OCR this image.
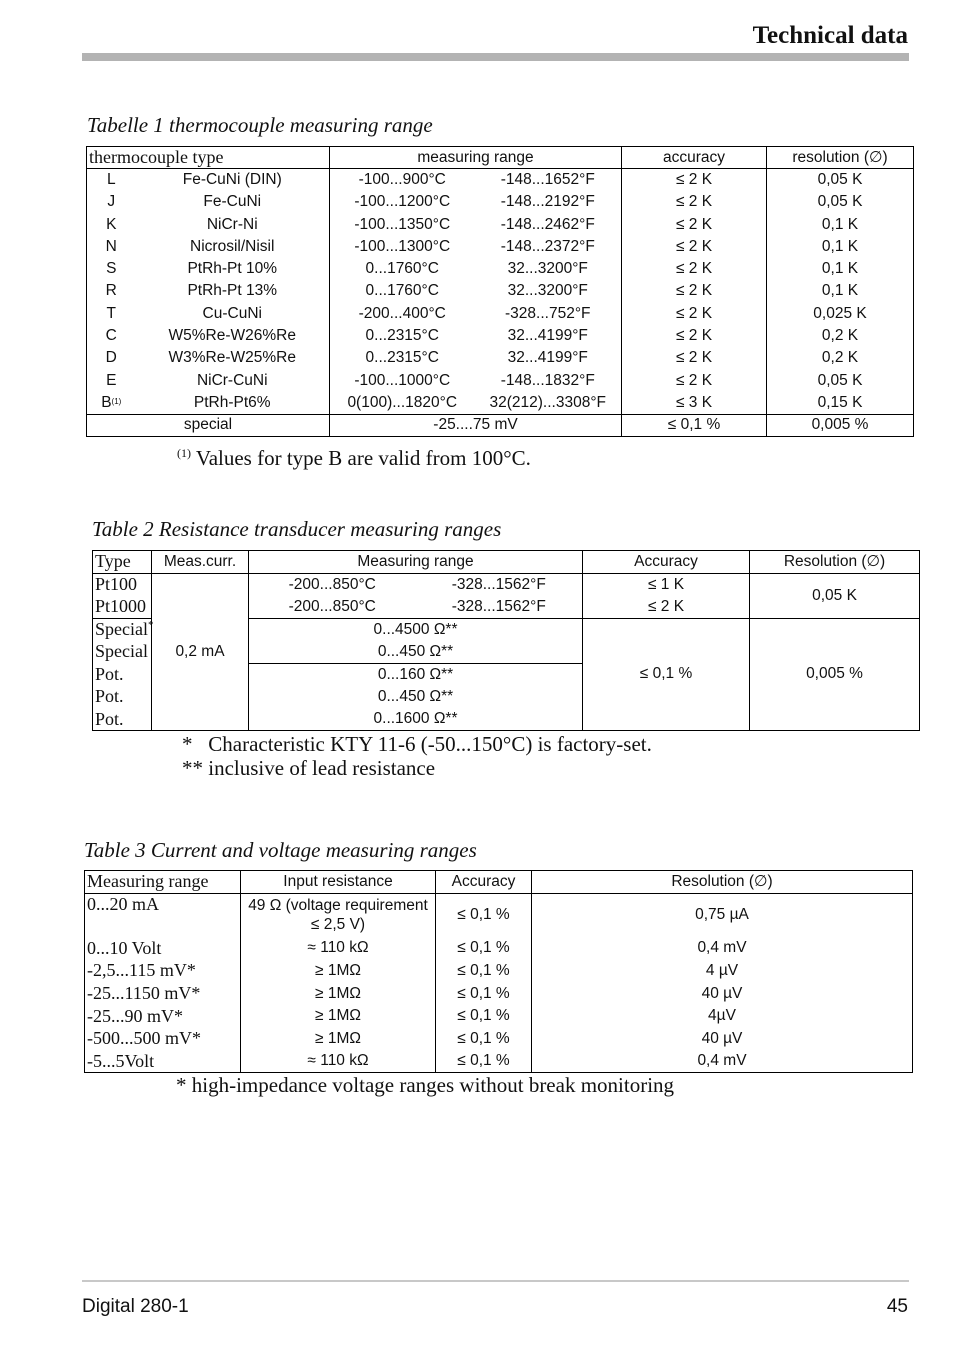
Technical data
Tabelle 1 thermocouple measuring range
thermocouple type		measuring range		accuracy	resolution (∅)
L	Fe-CuNi (DIN)	-100...900°C	-148...1652°F	≤ 2 K	0,05 K
J	Fe-CuNi	-100...1200°C	-148...2192°F	≤ 2 K	0,05 K
K	NiCr-Ni	-100...1350°C	-148...2462°F	≤ 2 K	0,1 K
N	Nicrosil/Nisil	-100...1300°C	-148...2372°F	≤ 2 K	0,1 K
S	PtRh-Pt 10%	0...1760°C	32...3200°F	≤ 2 K	0,1 K
R	PtRh-Pt 13%	0...1760°C	32...3200°F	≤ 2 K	0,1 K
T	Cu-CuNi	-200...400°C	-328...752°F	≤ 2 K	0,025 K
C	W5%Re-W26%Re	0...2315°C	32...4199°F	≤ 2 K	0,2 K
D	W3%Re-W25%Re	0...2315°C	32...4199°F	≤ 2 K	0,2 K
E	NiCr-CuNi	-100...1000°C	-148...1832°F	≤ 2 K	0,05 K
B(1)	PtRh-Pt6%	0(100)...1820°C	32(212)...3308°F	≤ 3 K	0,15 K
special		-25....75 mV		≤ 0,1 %	0,005 %
$^{(1)}$ Values for type B are valid from 100°C.
Table 2 Resistance transducer measuring ranges
Type	Meas.curr.	Measuring range		Accuracy	Resolution (∅)
Pt100	0,2 mA	-200...850°C	-328...1562°F	≤ 1 K	0,05 K
Pt1000		-200...850°C	-328...1562°F	≤ 2 K	
Special*		0...4500 Ω**		≤ 0,1 %	0,005 %
Special		0...450 Ω**			
Pot.		0...160 Ω**			
Pot.		0...450 Ω**			
Pot.		0...1600 Ω**			
*   Characteristic KTY 11-6 (-50...150°C) is factory-set.
** inclusive of lead resistance
Table 3 Current and voltage measuring ranges
Measuring range	Input resistance	Accuracy	Resolution (∅)
0...20 mA	49 Ω (voltage requirement
≤ 2,5 V)	≤ 0,1 %	0,75 µA
0...10 Volt	≈ 110 kΩ	≤ 0,1 %	0,4 mV
-2,5...115 mV*	≥ 1MΩ	≤ 0,1 %	4 µV
-25...1150 mV*	≥ 1MΩ	≤ 0,1 %	40 µV
-25...90 mV*	≥ 1MΩ	≤ 0,1 %	4µV
-500...500 mV*	≥ 1MΩ	≤ 0,1 %	40 µV
-5...5Volt	≈ 110 kΩ	≤ 0,1 %	0,4 mV
* high-impedance voltage ranges without break monitoring
Digital 280-1	45
